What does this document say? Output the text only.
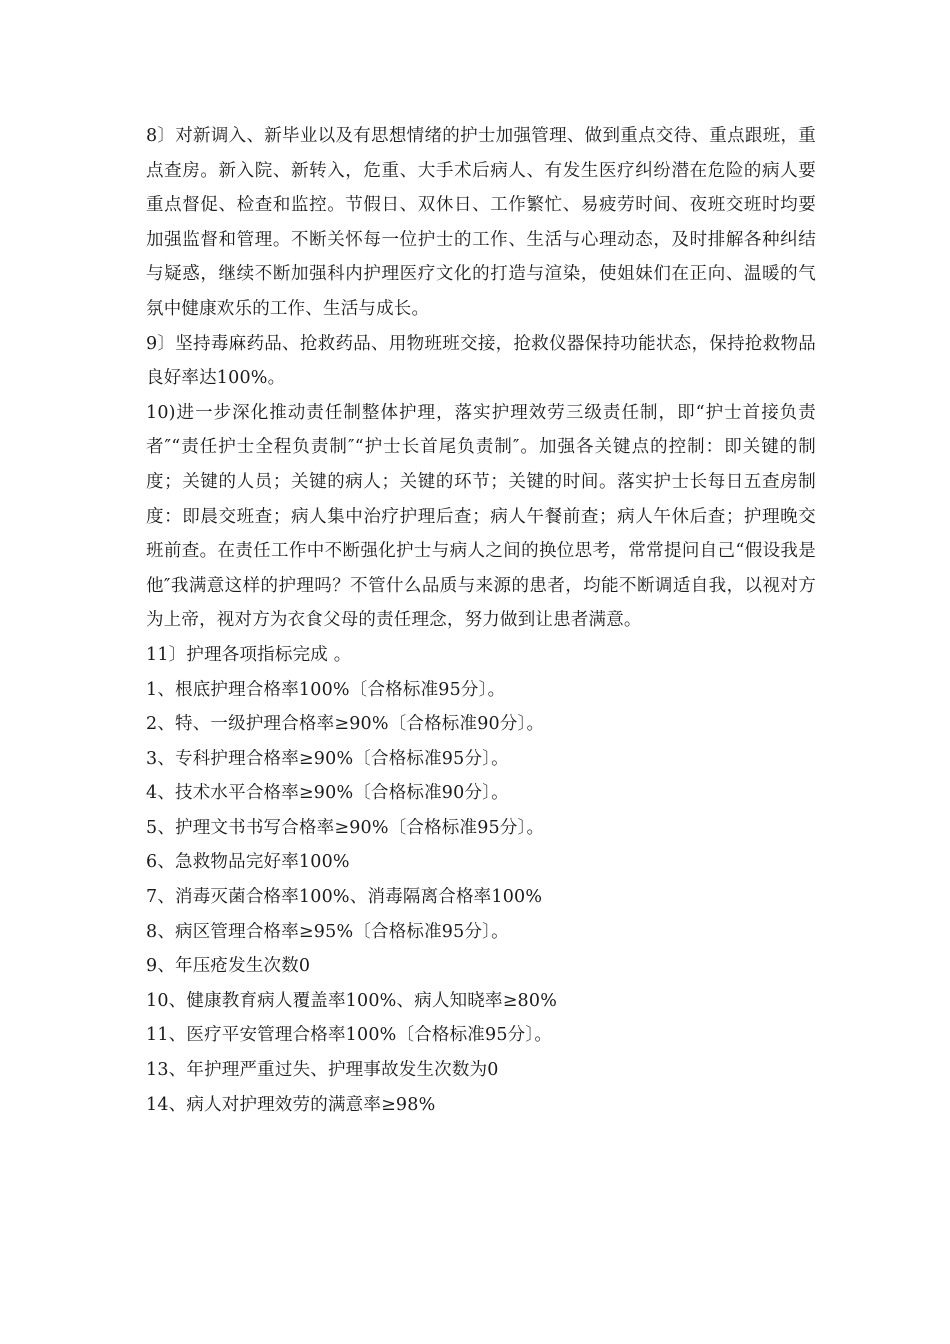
8〕对新调入、新毕业以及有思想情绪的护士加强管理、做到重点交待、重点跟班，重点查房。新入院、新转入，危重、大手术后病人、有发生医疗纠纷潜在危险的病人要重点督促、检查和监控。节假日、双休日、工作繁忙、易疲劳时间、夜班交班时均要加强监督和管理。不断关怀每一位护士的工作、生活与心理动态，及时排解各种纠结与疑惑，继续不断加强科内护理医疗文化的打造与渲染，使姐妹们在正向、温暖的气氛中健康欢乐的工作、生活与成长。

9〕坚持毒麻药品、抢救药品、用物班班交接，抢救仪器保持功能状态，保持抢救物品良好率达100%。

10)进一步深化推动责任制整体护理，落实护理效劳三级责任制，即“护士首接负责者″“责任护士全程负责制″“护士长首尾负责制″。加强各关键点的控制：即关键的制度；关键的人员；关键的病人；关键的环节；关键的时间。落实护士长每日五查房制度：即晨交班查；病人集中治疗护理后查；病人午餐前查；病人午休后查；护理晚交班前查。在责任工作中不断强化护士与病人之间的换位思考，常常提问自己“假设我是他″我满意这样的护理吗？不管什么品质与来源的患者，均能不断调适自我，以视对方为上帝，视对方为衣食父母的责任理念，努力做到让患者满意。

11〕护理各项指标完成 。

1、根底护理合格率100%〔合格标准95分〕。

2、特、一级护理合格率≥90%〔合格标准90分〕。

3、专科护理合格率≥90%〔合格标准95分〕。

4、技术水平合格率≥90%〔合格标准90分〕。

5、护理文书书写合格率≥90%〔合格标准95分〕。

6、急救物品完好率100%

7、消毒灭菌合格率100%、消毒隔离合格率100%

8、病区管理合格率≥95%〔合格标准95分〕。

9、年压疮发生次数0

10、健康教育病人覆盖率100%、病人知晓率≥80%

11、医疗平安管理合格率100%〔合格标准95分〕。

13、年护理严重过失、护理事故发生次数为0

14、病人对护理效劳的满意率≥98%
